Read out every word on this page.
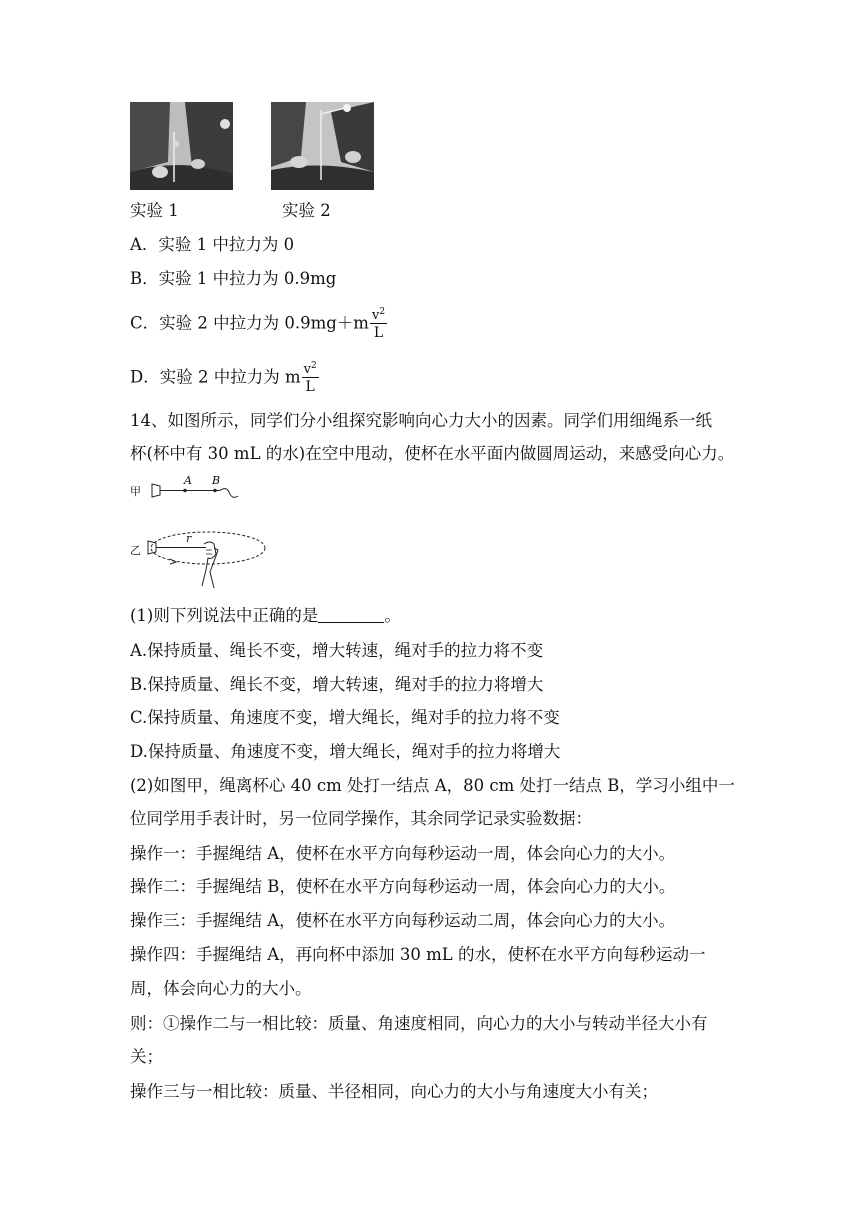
实验 1	实验 2
A．实验 1 中拉力为 0
B．实验 1 中拉力为 0.9mg
C．实验 2 中拉力为 $0.9mg+m \frac{v^2}{L}$
D．实验 2 中拉力为 m $\frac{v^2}{L}$
14、如图所示，同学们分小组探究影响向心力大小的因素。同学们用细绳系一纸
杯(杯中有 30 mL 的水)在空中甩动，使杯在水平面内做圆周运动，来感受向心力。
甲
A B
乙
r
(1)则下列说法中正确的是	。
A.保持质量、绳长不变，增大转速，绳对手的拉力将不变
B.保持质量、绳长不变，增大转速，绳对手的拉力将增大
C.保持质量、角速度不变，增大绳长，绳对手的拉力将不变
D.保持质量、角速度不变，增大绳长，绳对手的拉力将增大
(2)如图甲，绳离杯心 40 cm 处打一结点 A，80 cm 处打一结点 B，学习小组中一
位同学用手表计时，另一位同学操作，其余同学记录实验数据：
操作一：手握绳结 A，使杯在水平方向每秒运动一周，体会向心力的大小。
操作二：手握绳结 B，使杯在水平方向每秒运动一周，体会向心力的大小。
操作三：手握绳结 A，使杯在水平方向每秒运动二周，体会向心力的大小。
操作四：手握绳结 A，再向杯中添加 30 mL 的水，使杯在水平方向每秒运动一
周，体会向心力的大小。
则：①操作二与一相比较：质量、角速度相同，向心力的大小与转动半径大小有
关；
操作三与一相比较：质量、半径相同，向心力的大小与角速度大小有关；
